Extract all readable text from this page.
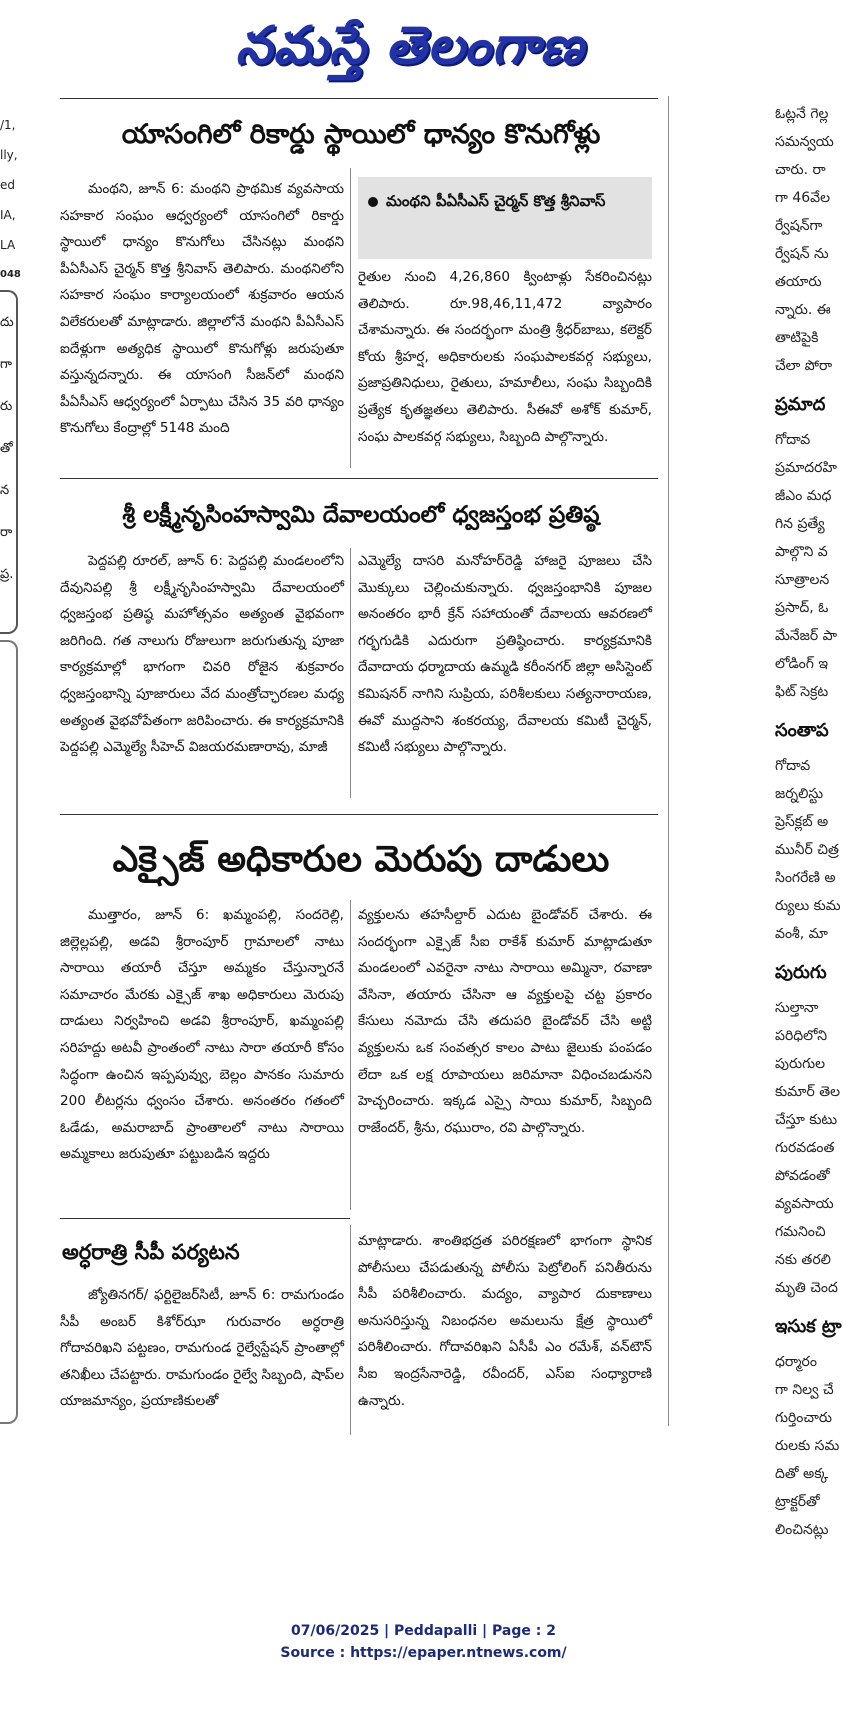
నమస్తే తెలంగాణ
/1,
lly,
ed
IA,
LA
048
దు
గా
రు
తో
న
రా
ప్ర.
ఓట్లనే గెల్ల
సమన్వయ
చారు. రా
గా 46వేల
ర్వేషన్‌గా
ర్వేషన్ ను
తయారు
న్నారు. ఈ
తాటిపైకి
చేలా పోరా
ప్రమాద
గోదావ
ప్రమాదరహి
జీఎం మధ
గిన ప్రత్యే
పాల్గొని వ
సూత్రాలన
ప్రసాద్, ఓ
మేనేజర్ పా
లోడింగ్ ఇ
ఫిట్ సెక్రట
సంతాప
గోదావ
జర్నలిస్టు
ప్రెస్‌క్లబ్ అ
మునీర్ చిత్ర
సింగరేణి అ
ర్యులు కుమ
వంశీ, మా
పురుగు
సుల్తానా
పరిధిలోని
పురుగుల
కుమార్ తెల
చేస్తూ కుటు
గురవడంత
పోవడంతో
వ్యవసాయ
గమనించి
నకు తరలి
మృతి చెంద
ఇసుక ట్రా
ధర్మారం
గా నిల్వ చే
గుర్తించారు
రులకు సమ
దితో అక్క
ట్రాక్టర్‌తో
లించినట్లు
యాసంగిలో రికార్డు స్థాయిలో ధాన్యం కొనుగోళ్లు
మంథని పీఏసీఎస్ చైర్మన్ కొత్త శ్రీనివాస్

మంథని, జూన్ 6: మంథని ప్రాథమిక వ్యవసాయ సహకార సంఘం ఆధ్వర్యంలో యాసంగిలో రికార్డు స్థాయిలో ధాన్యం కొనుగోలు చేసినట్లు మంథని పీఏసీఎస్ చైర్మన్ కొత్త శ్రీనివాస్ తెలిపారు. మంథనిలోని సహకార సంఘం కార్యాలయంలో శుక్రవారం ఆయన విలేకరులతో మాట్లాడారు. జిల్లాలోనే మంథని పీఏసీఎస్ ఐదేళ్లుగా అత్యధిక స్థాయిలో కొనుగోళ్లు జరుపుతూ వస్తున్నదన్నారు. ఈ యాసంగి సీజన్‌లో మంథని పీఏసీఎస్ ఆధ్వర్యంలో ఏర్పాటు చేసిన 35 వరి ధాన్యం కొనుగోలు కేంద్రాల్లో 5148 మంది

రైతుల నుంచి 4,26,860 క్వింటాళ్లు సేకరించినట్లు తెలిపారు. రూ.98,46,11,472 వ్యాపారం చేశామన్నారు. ఈ సందర్భంగా మంత్రి శ్రీధర్‌బాబు, కలెక్టర్ కోయ శ్రీహర్ష, అధికారులకు సంఘపాలకవర్గ సభ్యులు, ప్రజాప్రతినిధులు, రైతులు, హమాలీలు, సంఘ సిబ్బందికి ప్రత్యేక కృతజ్ఞతలు తెలిపారు. సీఈవో అశోక్ కుమార్, సంఘ పాలకవర్గ సభ్యులు, సిబ్బంది పాల్గొన్నారు.

శ్రీ లక్ష్మీనృసింహస్వామి దేవాలయంలో ధ్వజస్తంభ ప్రతిష్ఠ

పెద్దపల్లి రూరల్, జూన్ 6: పెద్దపల్లి మండలంలోని దేవునిపల్లి శ్రీ లక్ష్మీనృసింహస్వామి దేవాలయంలో ధ్వజస్తంభ ప్రతిష్ఠ మహోత్సవం అత్యంత వైభవంగా జరిగింది. గత నాలుగు రోజులుగా జరుగుతున్న పూజా కార్యక్రమాల్లో భాగంగా చివరి రోజైన శుక్రవారం ధ్వజస్తంభాన్ని పూజారులు వేద మంత్రోచ్ఛారణల మధ్య అత్యంత వైభవోపేతంగా జరిపించారు. ఈ కార్యక్రమానికి పెద్దపల్లి ఎమ్మెల్యే సీహెచ్ విజయరమణారావు, మాజీ

ఎమ్మెల్యే దాసరి మనోహర్‌రెడ్డి హాజరై పూజలు చేసి మొక్కులు చెల్లించుకున్నారు. ధ్వజస్తంభానికి పూజల అనంతరం భారీ క్రేన్ సహాయంతో దేవాలయ ఆవరణలో గర్భగుడికి ఎదురుగా ప్రతిష్ఠించారు. కార్యక్రమానికి దేవాదాయ ధర్మాదాయ ఉమ్మడి కరీంనగర్ జిల్లా అసిస్టెంట్ కమిషనర్ నాగిని సుప్రియ, పరిశీలకులు సత్యనారాయణ, ఈవో ముద్దసాని శంకరయ్య, దేవాలయ కమిటీ చైర్మన్, కమిటీ సభ్యులు పాల్గొన్నారు.

ఎక్సైజ్ అధికారుల మెరుపు దాడులు

ముత్తారం, జూన్ 6: ఖమ్మంపల్లి, సందరెల్లి, జిల్లెల్లపల్లి, అడవి శ్రీరాంపూర్ గ్రామాలలో నాటు సారాయి తయారీ చేస్తూ అమ్మకం చేస్తున్నారనే సమాచారం మేరకు ఎక్సైజ్ శాఖ అధికారులు మెరుపు దాడులు నిర్వహించి అడవి శ్రీరాంపూర్, ఖమ్మంపల్లి సరిహద్దు అటవీ ప్రాంతంలో నాటు సారా తయారీ కోసం సిద్ధంగా ఉంచిన ఇప్పపువ్వు, బెల్లం పానకం సుమారు 200 లీటర్లను ధ్వంసం చేశారు. అనంతరం గతంలో ఓడేడు, అమరాబాద్ ప్రాంతాలలో నాటు సారాయి అమ్మకాలు జరుపుతూ పట్టుబడిన ఇద్దరు

వ్యక్తులను తహసీల్దార్ ఎదుట బైండోవర్ చేశారు. ఈ సందర్భంగా ఎక్సైజ్ సీఐ రాకేశ్ కుమార్ మాట్లాడుతూ మండలంలో ఎవరైనా నాటు సారాయి అమ్మినా, రవాణా వేసినా, తయారు చేసినా ఆ వ్యక్తులపై చట్ట ప్రకారం కేసులు నమోదు చేసి తదుపరి బైండోవర్ చేసి అట్టి వ్యక్తులను ఒక సంవత్సర కాలం పాటు జైలుకు పంపడం లేదా ఒక లక్ష రూపాయలు జరిమానా విధించబడునని హెచ్చరించారు. ఇక్కడ ఎస్సై సాయి కుమార్, సిబ్బంది రాజేందర్, శ్రీను, రఘురాం, రవి పాల్గొన్నారు.

అర్ధరాత్రి సీపీ పర్యటన

జ్యోతినగర్/ ఫర్టిలైజర్‌సిటీ, జూన్ 6: రామగుండం సీపీ అంబర్ కిశోర్‌ఝా గురువారం అర్ధరాత్రి గోదావరిఖని పట్టణం, రామగుండ రైల్వేస్టేషన్ ప్రాంతాల్లో తనిఖీలు చేపట్టారు. రామగుండం రైల్వే సిబ్బంది, షాప్‌ల యాజమాన్యం, ప్రయాణికులతో

మాట్లాడారు. శాంతిభద్రత పరిరక్షణలో భాగంగా స్థానిక పోలీసులు చేపడుతున్న పోలీసు పెట్రోలింగ్ పనితీరును సీపీ పరిశీలించారు. మద్యం, వ్యాపార దుకాణాలు అనుసరిస్తున్న నిబంధనల అమలును క్షేత్ర స్థాయిలో పరిశీలించారు. గోదావరిఖని ఏసీపీ ఎం రమేశ్, వన్‌టౌన్ సీఐ ఇంద్రసేనారెడ్డి, రవీందర్, ఎస్ఐ సంధ్యారాణి ఉన్నారు.

07/06/2025 | Peddapalli | Page : 2
Source : https://epaper.ntnews.com/
